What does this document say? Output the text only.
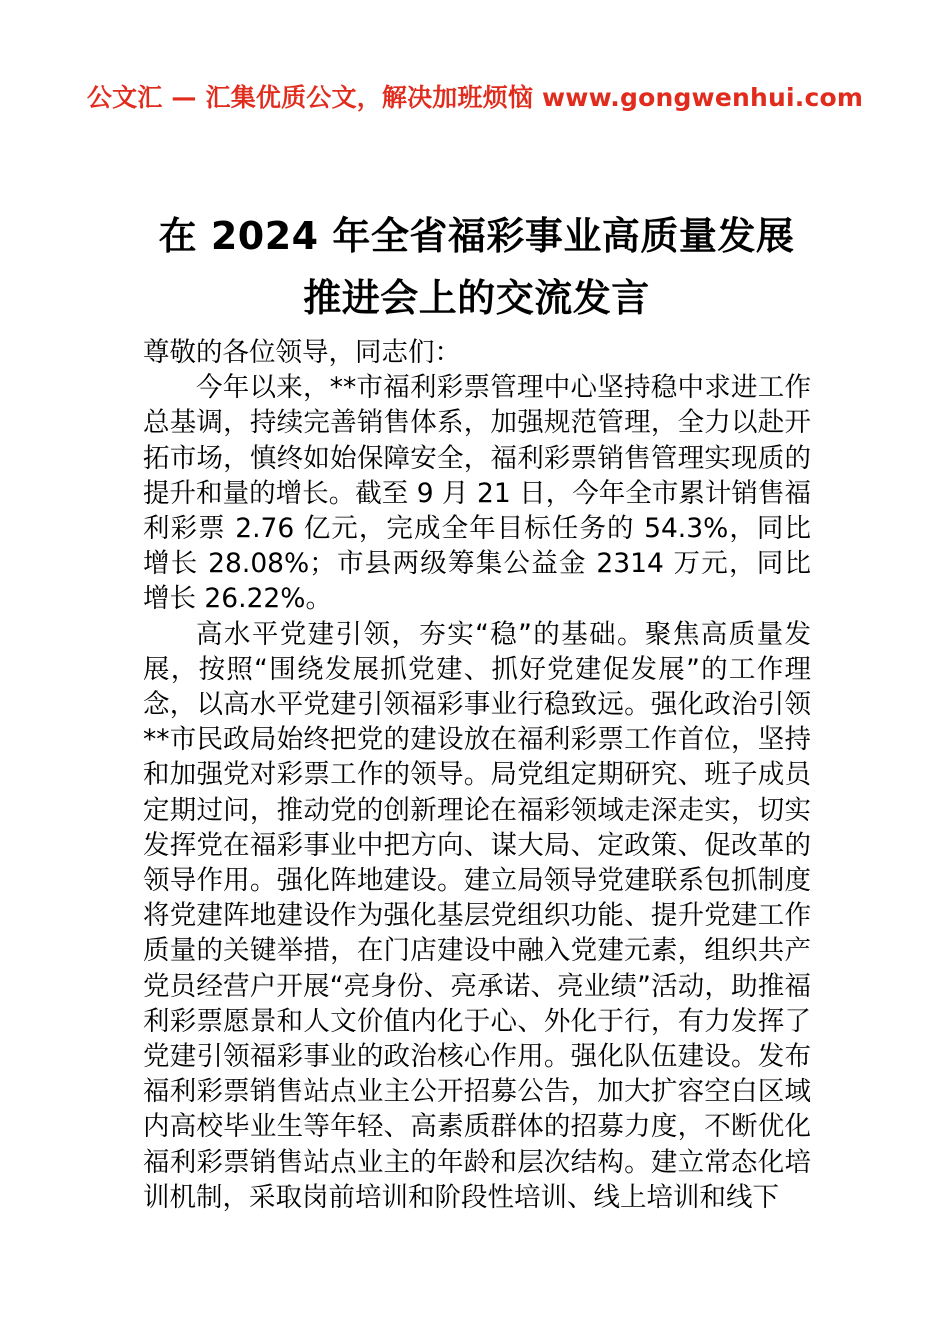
公文汇 — 汇集优质公文，解决加班烦恼 www.gongwenhui.com
在 2024 年全省福彩事业高质量发展推进会上的交流发言

尊敬的各位领导，同志们：

今年以来，**市福利彩票管理中心坚持稳中求进工作总基调，持续完善销售体系，加强规范管理，全力以赴开拓市场，慎终如始保障安全，福利彩票销售管理实现质的提升和量的增长。截至 9 月 21 日，今年全市累计销售福利彩票 2.76 亿元，完成全年目标任务的 54.3%，同比增长 28.08%；市县两级筹集公益金 2314 万元，同比增长 26.22%。

高水平党建引领，夯实“稳”的基础。聚焦高质量发展，按照“围绕发展抓党建、抓好党建促发展”的工作理念，以高水平党建引领福彩事业行稳致远。强化政治引领 **市民政局始终把党的建设放在福利彩票工作首位，坚持和加强党对彩票工作的领导。局党组定期研究、班子成员定期过问，推动党的创新理论在福彩领域走深走实，切实发挥党在福彩事业中把方向、谋大局、定政策、促改革的领导作用。强化阵地建设。建立局领导党建联系包抓制度将党建阵地建设作为强化基层党组织功能、提升党建工作质量的关键举措，在门店建设中融入党建元素，组织共产党员经营户开展“亮身份、亮承诺、亮业绩”活动，助推福利彩票愿景和人文价值内化于心、外化于行，有力发挥了党建引领福彩事业的政治核心作用。强化队伍建设。发布福利彩票销售站点业主公开招募公告，加大扩容空白区域内高校毕业生等年轻、高素质群体的招募力度，不断优化福利彩票销售站点业主的年龄和层次结构。建立常态化培训机制，采取岗前培训和阶段性培训、线上培训和线下
